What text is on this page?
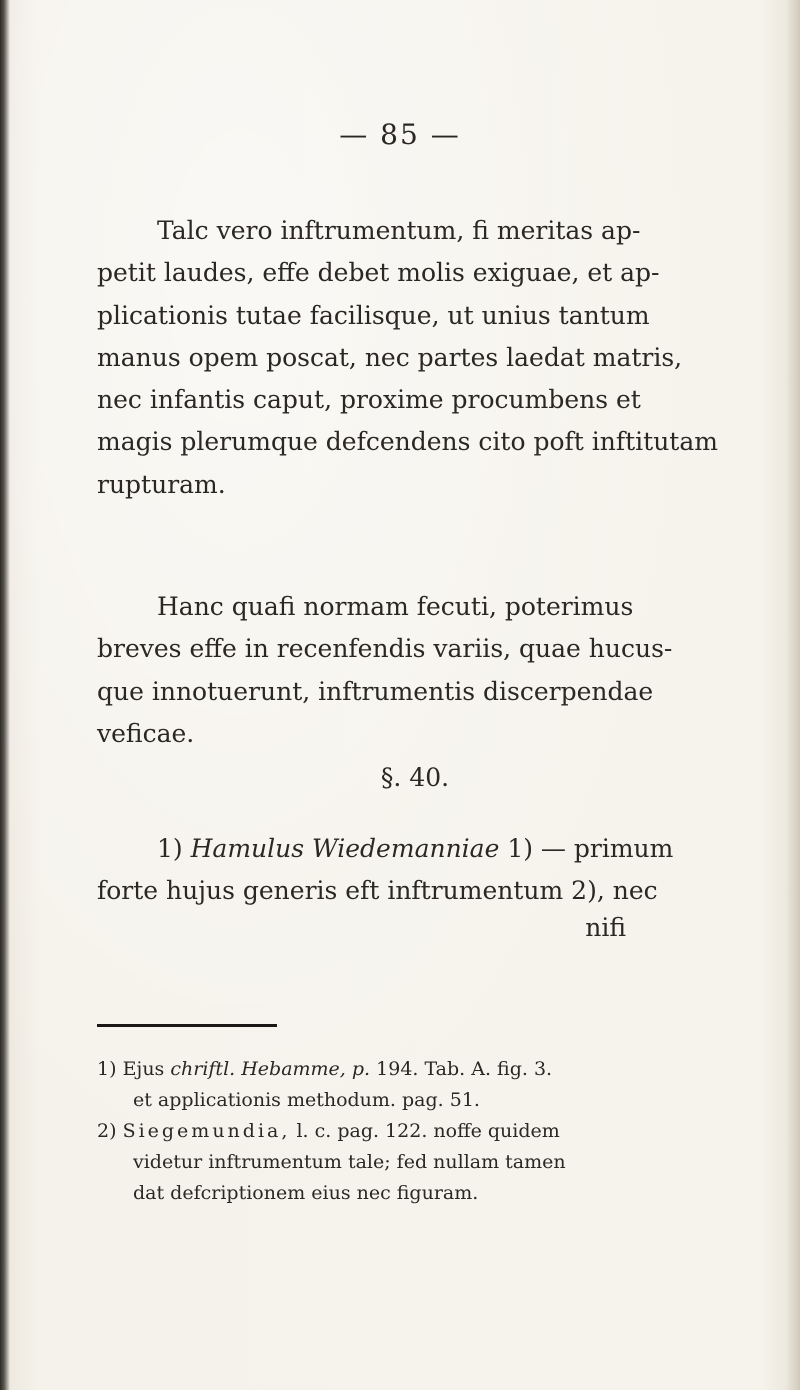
— 85 —
Talc vero inftrumentum, fi meritas ap-
petit laudes, effe debet molis exiguae, et ap-
plicationis tutae facilisque, ut unius tantum
manus opem poscat, nec partes laedat matris,
nec infantis caput, proxime procumbens et
magis plerumque defcendens cito poft inftitutam
rupturam.
Hanc quafi normam fecuti, poterimus
breves effe in recenfendis variis, quae hucus-
que innotuerunt, inftrumentis discerpendae
veficae.
§. 40.
1) Hamulus Wiedemanniae 1) — primum
forte hujus generis eft inftrumentum 2), nec
nifi
1) Ejus chriftl. Hebamme, p. 194. Tab. A. fig. 3.
et applicationis methodum. pag. 51.
2) Siegemundia, l. c. pag. 122. noffe quidem
videtur inftrumentum tale; fed nullam tamen
dat defcriptionem eius nec figuram.
